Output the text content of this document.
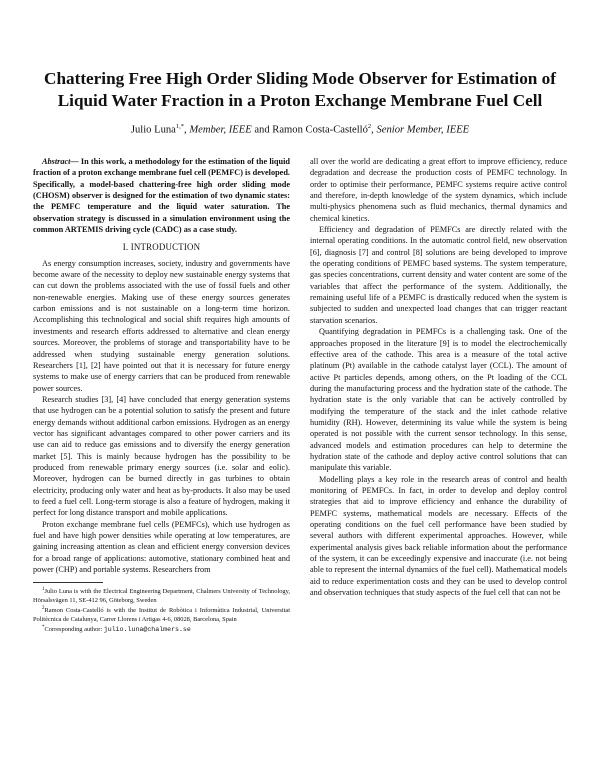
Chattering Free High Order Sliding Mode Observer for Estimation of
Liquid Water Fraction in a Proton Exchange Membrane Fuel Cell
Julio Luna$^{1,*}$, Member, IEEE and Ramon Costa-Castelló$^2$, Senior Member, IEEE

Abstract— In this work, a methodology for the estimation of the liquid fraction of a proton exchange membrane fuel cell (PEMFC) is developed. Specifically, a model-based chattering-free high order sliding mode (CHOSM) observer is designed for the estimation of two dynamic states: the PEMFC temperature and the liquid water saturation. The observation strategy is discussed in a simulation environment using the common ARTEMIS driving cycle (CADC) as a case study.

I. INTRODUCTION

As energy consumption increases, society, industry and governments have become aware of the necessity to deploy new sustainable energy systems that can cut down the problems associated with the use of fossil fuels and other non-renewable energies. Making use of these energy sources generates carbon emissions and is not sustainable on a long-term time horizon. Accomplishing this technological and social shift requires high amounts of investments and research efforts addressed to alternative and clean energy sources. Moreover, the problems of storage and transportability have to be addressed when studying sustainable energy generation solutions. Researchers [1], [2] have pointed out that it is necessary for future energy systems to make use of energy carriers that can be produced from renewable power sources.

Research studies [3], [4] have concluded that energy generation systems that use hydrogen can be a potential solution to satisfy the present and future energy demands without additional carbon emissions. Hydrogen as an energy vector has significant advantages compared to other power carriers and its use can aid to reduce gas emissions and to diversify the energy generation market [5]. This is mainly because hydrogen has the possibility to be produced from renewable primary energy sources (i.e. solar and eolic). Moreover, hydrogen can be burned directly in gas turbines to obtain electricity, producing only water and heat as by-products. It also may be used to feed a fuel cell. Long-term storage is also a feature of hydrogen, making it perfect for long distance transport and mobile applications.

Proton exchange membrane fuel cells (PEMFCs), which use hydrogen as fuel and have high power densities while operating at low temperatures, are gaining increasing attention as clean and efficient energy conversion devices for a broad range of applications: automotive, stationary combined heat and power (CHP) and portable systems. Researchers from

$^1$Julio Luna is with the Electrical Engineering Department, Chalmers University of Technology, Hörsalsvägen 11, SE-412 96, Göteborg, Sweden

$^2$Ramon Costa-Castelló is with the Institut de Robòtica i Informàtica Industrial, Universitat Politècnica de Catalunya, Carrer Llorens i Artigas 4-6, 08028, Barcelona, Spain

*Corresponding author: julio.luna@chalmers.se

all over the world are dedicating a great effort to improve efficiency, reduce degradation and decrease the production costs of PEMFC technology. In order to optimise their performance, PEMFC systems require active control and therefore, in-depth knowledge of the system dynamics, which include multi-physics phenomena such as fluid mechanics, thermal dynamics and chemical kinetics.

Efficiency and degradation of PEMFCs are directly related with the internal operating conditions. In the automatic control field, new observation [6], diagnosis [7] and control [8] solutions are being developed to improve the operating conditions of PEMFC based systems. The system temperature, gas species concentrations, current density and water content are some of the variables that affect the performance of the system. Additionally, the remaining useful life of a PEMFC is drastically reduced when the system is subjected to sudden and unexpected load changes that can trigger reactant starvation scenarios.

Quantifying degradation in PEMFCs is a challenging task. One of the approaches proposed in the literature [9] is to model the electrochemically effective area of the cathode. This area is a measure of the total active platinum (Pt) available in the cathode catalyst layer (CCL). The amount of active Pt particles depends, among others, on the Pt loading of the CCL during the manufacturing process and the hydration state of the cathode. The hydration state is the only variable that can be actively controlled by modifying the temperature of the stack and the inlet cathode relative humidity (RH). However, determining its value while the system is being operated is not possible with the current sensor technology. In this sense, advanced models and estimation procedures can help to determine the hydration state of the cathode and deploy active control solutions that can manipulate this variable.

Modelling plays a key role in the research areas of control and health monitoring of PEMFCs. In fact, in order to develop and deploy control strategies that aid to improve efficiency and enhance the durability of PEMFC systems, mathematical models are necessary. Effects of the operating conditions on the fuel cell performance have been studied by several authors with different experimental approaches. However, while experimental analysis gives back reliable information about the performance of the system, it can be exceedingly expensive and inaccurate (i.e. not being able to represent the internal dynamics of the fuel cell). Mathematical models aid to reduce experimentation costs and they can be used to develop control and observation techniques that study aspects of the fuel cell that can not be
